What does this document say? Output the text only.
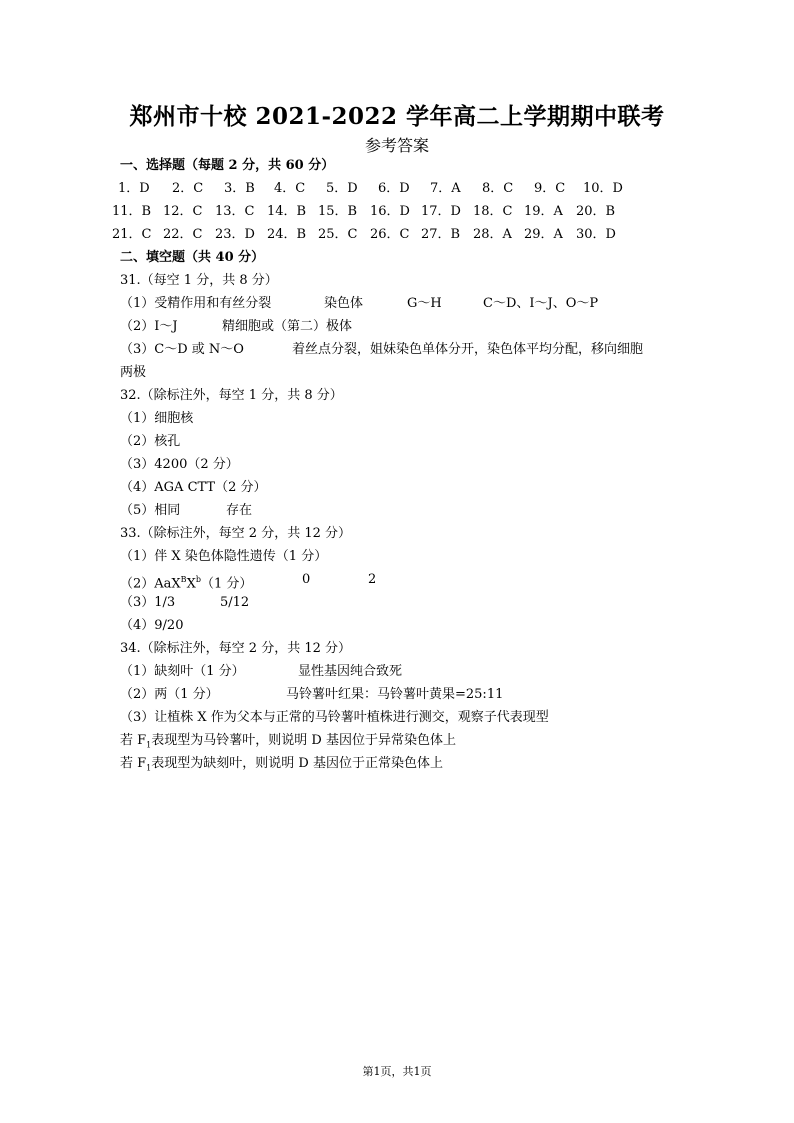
郑州市十校 2021-2022 学年高二上学期期中联考
参考答案
一、选择题（每题 2 分，共 60 分）
1．D 2．C 3．B 4．C 5．D 6．D 7．A 8．C 9．C 10．D
11．B 12．C 13．C 14．B 15．B 16．D 17．D 18．C 19．A 20．B
21．C 22．C 23．D 24．B 25．C 26．C 27．B 28．A 29．A 30．D
二、填空题（共 40 分）
31.（每空 1 分，共 8 分）
（1）受精作用和有丝分裂	染色体	G～H	C～D、I～J、O～P
（2）I～J	精细胞或（第二）极体
（3）C～D 或 N～O	着丝点分裂，姐妹染色单体分开，染色体平均分配，移向细胞
两极
32.（除标注外，每空 1 分，共 8 分）
（1）细胞核
（2）核孔
（3）4200（2 分）
（4）AGA CTT（2 分）
（5）相同	存在
33.（除标注外，每空 2 分，共 12 分）
（1）伴 X 染色体隐性遗传（1 分）
$(2)AaX^BX^b(1$ 分）	0	2
（3）1/3	5/12
（4）9/20
34.（除标注外，每空 2 分，共 12 分）
（1）缺刻叶（1 分）	显性基因纯合致死
（2）两（1 分）	马铃薯叶红果：马铃薯叶黄果=25:11
（3）让植株 X 作为父本与正常的马铃薯叶植株进行测交，观察子代表现型
若 $F_1$表现型为马铃薯叶，则说明 D 基因位于异常染色体上
若 $F_1$表现型为缺刻叶，则说明 D 基因位于正常染色体上
第1页，共1页
